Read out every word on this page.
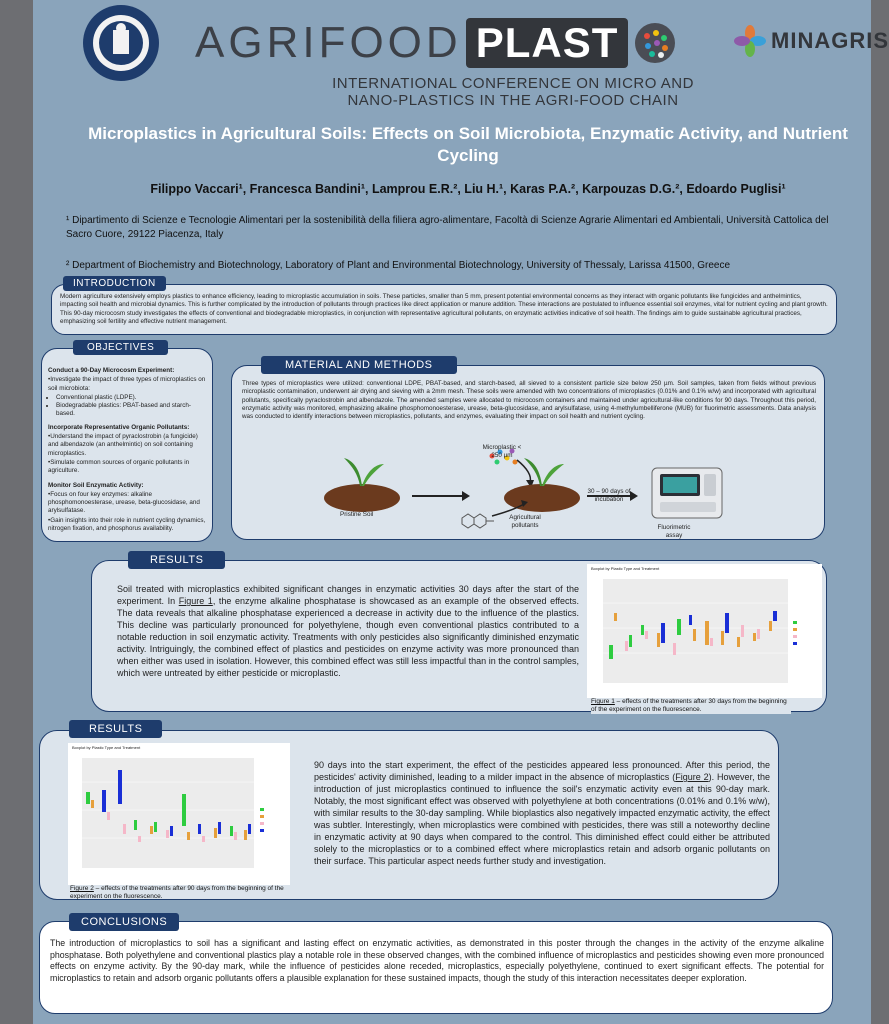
AGRIFOOD PLAST	MINAGRIS
INTERNATIONAL CONFERENCE ON MICRO AND
NANO-PLASTICS IN THE AGRI-FOOD CHAIN
Microplastics in Agricultural Soils: Effects on Soil Microbiota, Enzymatic Activity, and Nutrient Cycling
Filippo Vaccari¹, Francesca Bandini¹, Lamprou E.R.², Liu H.¹, Karas P.A.², Karpouzas D.G.², Edoardo Puglisi¹
¹ Dipartimento di Scienze e Tecnologie Alimentari per la sostenibilità della filiera agro-alimentare, Facoltà di Scienze Agrarie Alimentari ed Ambientali, Università Cattolica del Sacro Cuore, 29122 Piacenza, Italy
² Department of Biochemistry and Biotechnology, Laboratory of Plant and Environmental Biotechnology, University of Thessaly, Larissa 41500, Greece
Modern agriculture extensively employs plastics to enhance efficiency, leading to microplastic accumulation in soils. These particles, smaller than 5 mm, present potential environmental concerns as they interact with organic pollutants like fungicides and anthelmintics, impacting soil health and microbial dynamics. This is further complicated by the introduction of pollutants through practices like direct application or manure addition. These interactions are postulated to influence essential soil enzymes, vital for nutrient cycling and plant growth. This 90-day microcosm study investigates the effects of conventional and biodegradable microplastics, in conjunction with representative agricultural pollutants, on enzymatic activities indicative of soil health. The findings aim to guide sustainable agricultural practices, emphasizing soil fertility and effective nutrient management.
INTRODUCTION

Conduct a 90-Day Microcosm Experiment:

•Investigate the impact of three types of microplastics on soil microbiota:

• Conventional plastic (LDPE).
• Biodegradable plastics: PBAT-based and starch-based.

Incorporate Representative Organic Pollutants:

•Understand the impact of pyraclostrobin (a fungicide) and albendazole (an anthelmintic) on soil containing microplastics.

•Simulate common sources of organic pollutants in agriculture.

Monitor Soil Enzymatic Activity:

•Focus on four key enzymes: alkaline phosphomonoesterase, urease, beta-glucosidase, and arylsulfatase.

•Gain insights into their role in nutrient cycling dynamics, nitrogen fixation, and phosphorus availability.

OBJECTIVES
Three types of microplastics were utilized: conventional LDPE, PBAT-based, and starch-based, all sieved to a consistent particle size below 250 µm. Soil samples, taken from fields without previous microplastic contamination, underwent air drying and sieving with a 2mm mesh. These soils were amended with two concentrations of microplastics (0.01% and 0.1% w/w) and incorporated with agricultural pollutants, specifically pyraclostrobin and albendazole. The amended samples were allocated to microcosm containers and maintained under agricultural-like conditions for 90 days. Throughout this period, enzymatic activity was monitored, emphasizing alkaline phosphomonoesterase, urease, beta-glucosidase, and arylsulfatase, using 4-methylumbelliferone (MUB) for fluorimetric assessments. Data analysis was conducted to identify interactions between microplastics, pollutants, and enzymes, evaluating their impact on soil health and nutrient cycling.
Microplastic <
250 µm
Pristine Soil	Agricultural pollutants
30 – 90 days of incubation
Fluorimetric assay
MATERIAL AND METHODS
Soil treated with microplastics exhibited significant changes in enzymatic activities 30 days after the start of the experiment. In Figure 1, the enzyme alkaline phosphatase is showcased as an example of the observed effects. The data reveals that alkaline phosphatase experienced a decrease in activity due to the influence of the plastics. This decline was particularly pronounced for polyethylene, though even conventional plastics contributed to a notable reduction in soil enzymatic activity. Treatments with only pesticides also significantly diminished enzymatic activity. Intriguingly, the combined effect of plastics and pesticides on enzyme activity was more pronounced than when either was used in isolation. However, this combined effect was still less impactful than in the control samples, which were untreated by either pesticide or microplastic.
Boxplot by Plastic Type and Treatment
RESULTS
Figure 1 – effects of the treatments after 30 days from the beginning of the experiment on the fluorescence.
Boxplot by Plastic Type and Treatment
90 days into the start experiment, the effect of the pesticides appeared less pronounced. After this period, the pesticides' activity diminished, leading to a milder impact in the absence of microplastics (Figure 2). However, the introduction of just microplastics continued to influence the soil's enzymatic activity even at this 90-day mark. Notably, the most significant effect was observed with polyethylene at both concentrations (0.01% and 0.1% w/w), with similar results to the 30-day sampling. While bioplastics also negatively impacted enzymatic activity, the effect was subtler. Interestingly, when microplastics were combined with pesticides, there was still a noteworthy decline in enzymatic activity at 90 days when compared to the control. This diminished effect could either be attributed solely to the microplastics or to a combined effect where microplastics retain and adsorb organic pollutants on their surface. This particular aspect needs further study and investigation.
Figure 2 – effects of the treatments after 90 days from the beginning of the experiment on the fluorescence.
RESULTS
The introduction of microplastics to soil has a significant and lasting effect on enzymatic activities, as demonstrated in this poster through the changes in the activity of the enzyme alkaline phosphatase. Both polyethylene and conventional plastics play a notable role in these observed changes, with the combined influence of microplastics and pesticides showing even more pronounced effects on enzyme activity. By the 90-day mark, while the influence of pesticides alone receded, microplastics, especially polyethylene, continued to exert significant effects. The potential for microplastics to retain and adsorb organic pollutants offers a plausible explanation for these sustained impacts, though the study of this interaction necessitates deeper exploration.
CONCLUSIONS
